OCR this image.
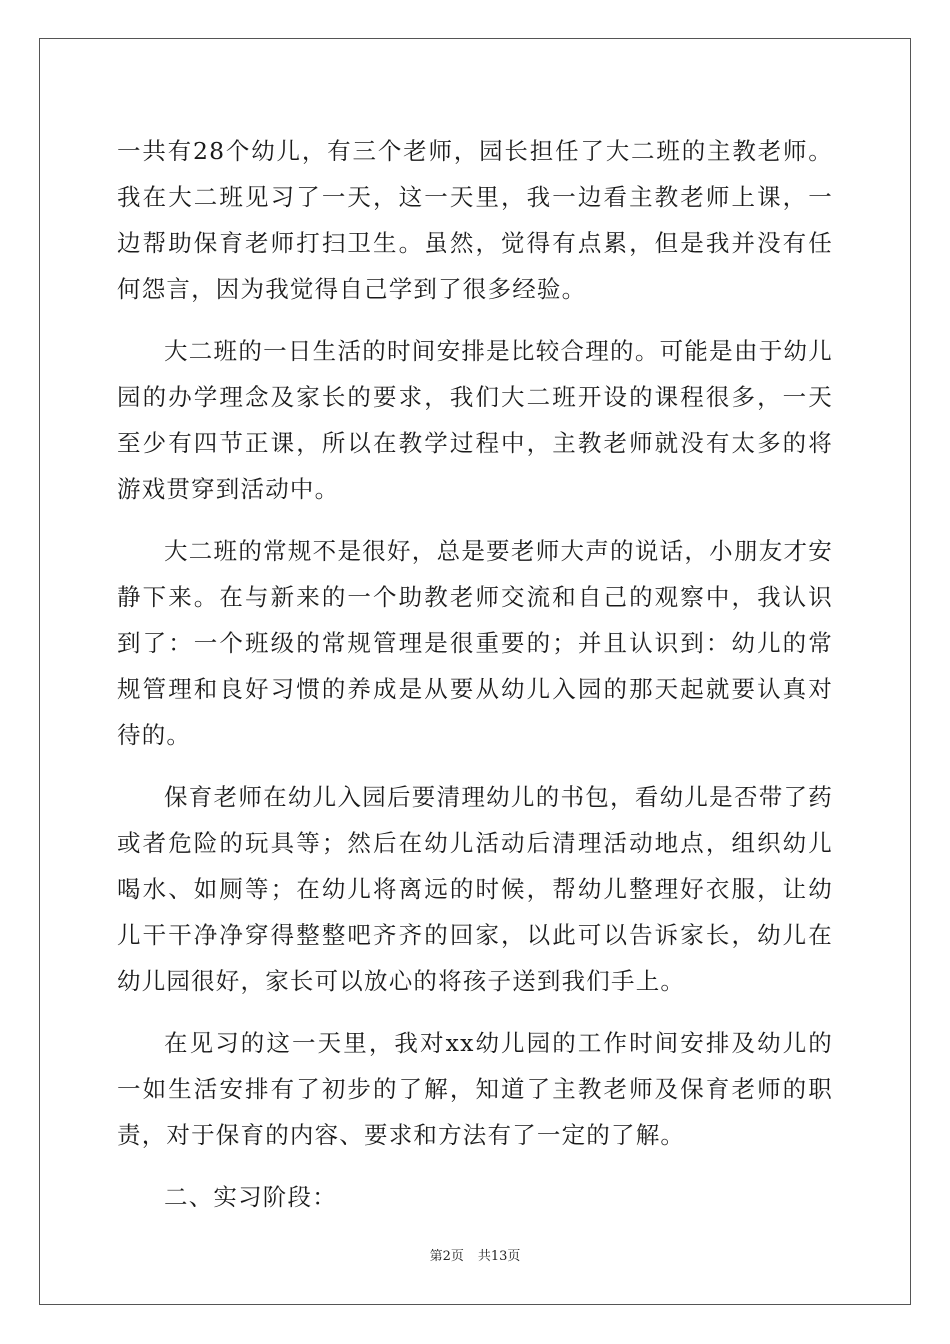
一共有28个幼儿，有三个老师，园长担任了大二班的主教老师。我在大二班见习了一天，这一天里，我一边看主教老师上课，一边帮助保育老师打扫卫生。虽然，觉得有点累，但是我并没有任何怨言，因为我觉得自己学到了很多经验。

大二班的一日生活的时间安排是比较合理的。可能是由于幼儿园的办学理念及家长的要求，我们大二班开设的课程很多，一天至少有四节正课，所以在教学过程中，主教老师就没有太多的将游戏贯穿到活动中。

大二班的常规不是很好，总是要老师大声的说话，小朋友才安静下来。在与新来的一个助教老师交流和自己的观察中，我认识到了：一个班级的常规管理是很重要的；并且认识到：幼儿的常规管理和良好习惯的养成是从要从幼儿入园的那天起就要认真对待的。

保育老师在幼儿入园后要清理幼儿的书包，看幼儿是否带了药或者危险的玩具等；然后在幼儿活动后清理活动地点，组织幼儿喝水、如厕等；在幼儿将离远的时候，帮幼儿整理好衣服，让幼儿干干净净穿得整整吧齐齐的回家，以此可以告诉家长，幼儿在幼儿园很好，家长可以放心的将孩子送到我们手上。

在见习的这一天里，我对xx幼儿园的工作时间安排及幼儿的一如生活安排有了初步的了解，知道了主教老师及保育老师的职责，对于保育的内容、要求和方法有了一定的了解。

二、实习阶段：

第2页 共13页
